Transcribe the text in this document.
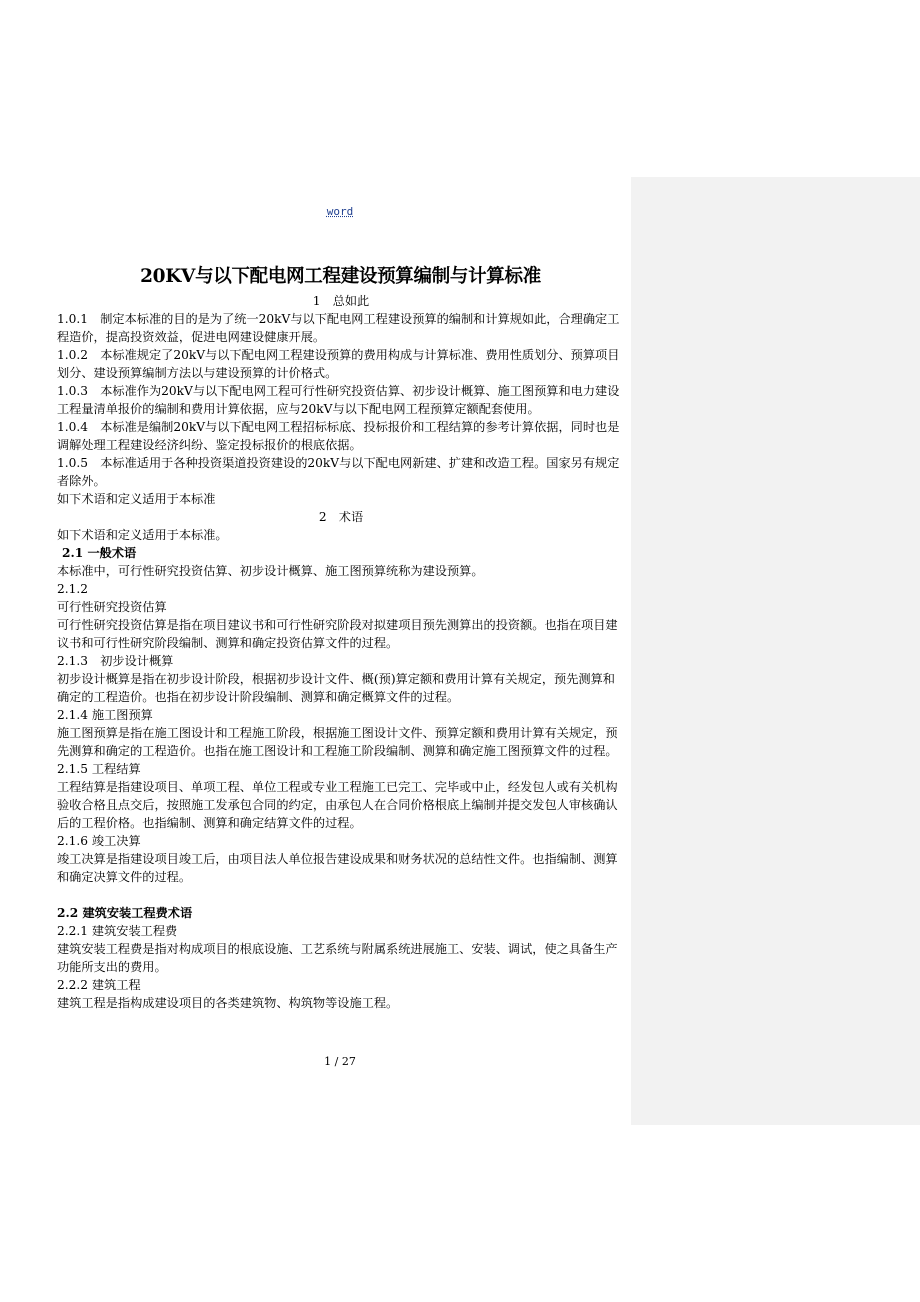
word
20KV与以下配电网工程建设预算编制与计算标准

1　总如此

1.0.1　制定本标准的目的是为了统一20kV与以下配电网工程建设预算的编制和计算规如此，合理确定工程造价，提高投资效益，促进电网建设健康开展。

1.0.2　本标准规定了20kV与以下配电网工程建设预算的费用构成与计算标准、费用性质划分、预算项目划分、建设预算编制方法以与建设预算的计价格式。

1.0.3　本标准作为20kV与以下配电网工程可行性研究投资估算、初步设计概算、施工图预算和电力建设工程量清单报价的编制和费用计算依据，应与20kV与以下配电网工程预算定额配套使用。

1.0.4　本标准是编制20kV与以下配电网工程招标标底、投标报价和工程结算的参考计算依据，同时也是调解处理工程建设经济纠纷、鉴定投标报价的根底依据。

1.0.5　本标准适用于各种投资渠道投资建设的20kV与以下配电网新建、扩建和改造工程。国家另有规定者除外。

如下术语和定义适用于本标准

2　术语

如下术语和定义适用于本标准。

2.1 一般术语

本标准中，可行性研究投资估算、初步设计概算、施工图预算统称为建设预算。

2.1.2

可行性研究投资估算

可行性研究投资估算是指在项目建议书和可行性研究阶段对拟建项目预先测算出的投资额。也指在项目建议书和可行性研究阶段编制、测算和确定投资估算文件的过程。

2.1.3　初步设计概算

初步设计概算是指在初步设计阶段，根据初步设计文件、概(预)算定额和费用计算有关规定，预先测算和确定的工程造价。也指在初步设计阶段编制、测算和确定概算文件的过程。

2.1.4 施工图预算

施工图预算是指在施工图设计和工程施工阶段，根据施工图设计文件、预算定额和费用计算有关规定，预先测算和确定的工程造价。也指在施工图设计和工程施工阶段编制、测算和确定施工图预算文件的过程。

2.1.5 工程结算

工程结算是指建设项目、单项工程、单位工程或专业工程施工已完工、完毕或中止，经发包人或有关机构验收合格且点交后，按照施工发承包合同的约定，由承包人在合同价格根底上编制并提交发包人审核确认后的工程价格。也指编制、测算和确定结算文件的过程。

2.1.6 竣工决算

竣工决算是指建设项目竣工后，由项目法人单位报告建设成果和财务状况的总结性文件。也指编制、测算和确定决算文件的过程。

2.2 建筑安装工程费术语

2.2.1 建筑安装工程费

建筑安装工程费是指对构成项目的根底设施、工艺系统与附属系统进展施工、安装、调试，使之具备生产功能所支出的费用。

2.2.2 建筑工程

建筑工程是指构成建设项目的各类建筑物、构筑物等设施工程。

1 / 27
